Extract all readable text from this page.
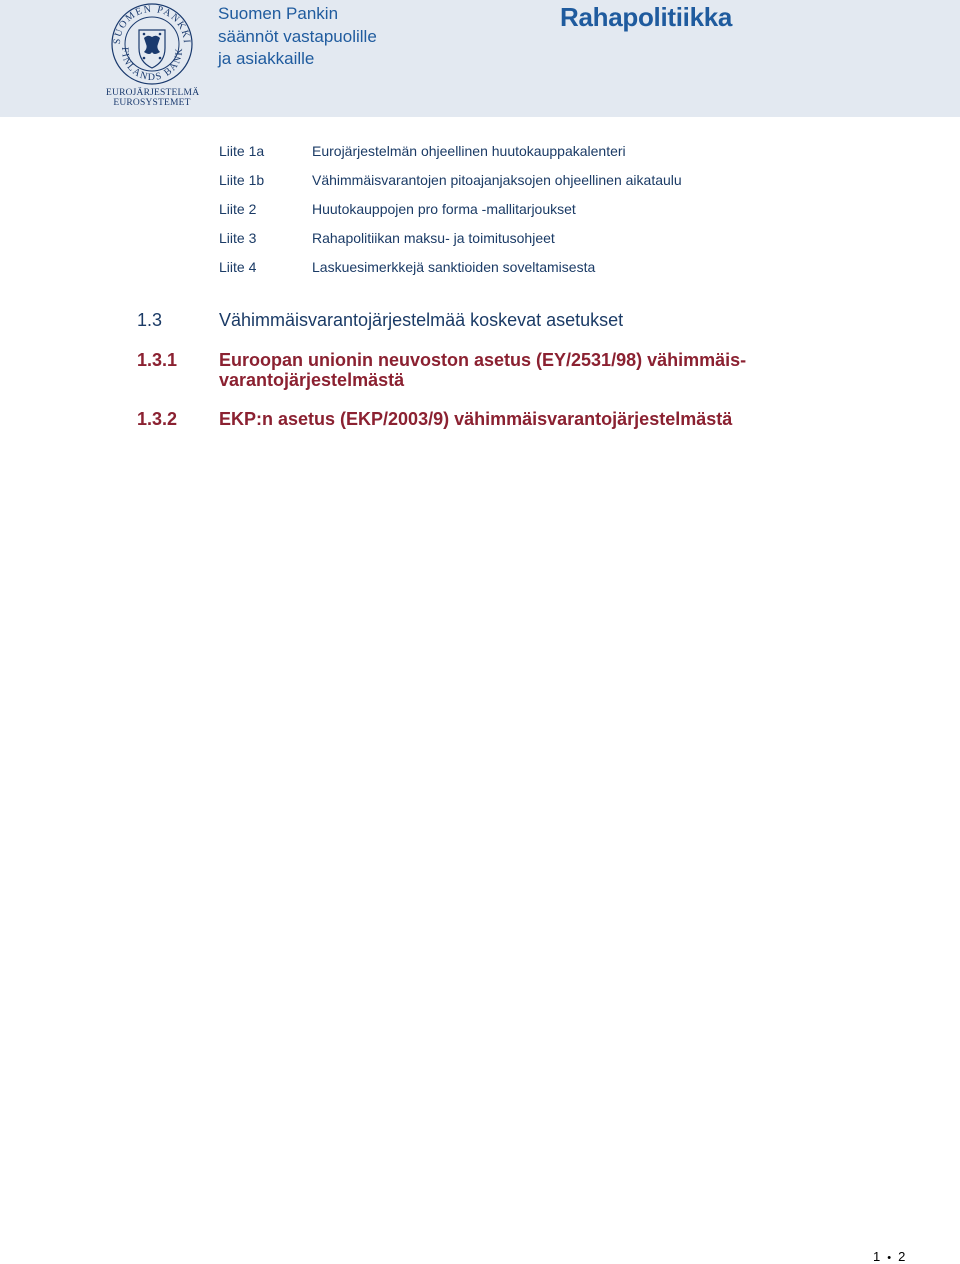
SUOMEN PANKKI
FINLANDS BANK
EUROJÄRJESTELMÄ
EUROSYSTEMET
Suomen Pankin
säännöt vastapuolille
ja asiakkaille
Rahapolitiikka
Liite 1a	Eurojärjestelmän ohjeellinen huutokauppakalenteri
Liite 1b	Vähimmäisvarantojen pitoajanjaksojen ohjeellinen aikataulu
Liite 2	Huutokauppojen pro forma -mallitarjoukset
Liite 3	Rahapolitiikan maksu- ja toimitusohjeet
Liite 4	Laskuesimerkkejä sanktioiden soveltamisesta
1.3	Vähimmäisvarantojärjestelmää koskevat asetukset
1.3.1 Euroopan unionin neuvoston asetus (EY/2531/98) vähimmäis-
varantojärjestelmästä
1.3.2 EKP:n asetus (EKP/2003/9) vähimmäisvarantojärjestelmästä
1 • 2
